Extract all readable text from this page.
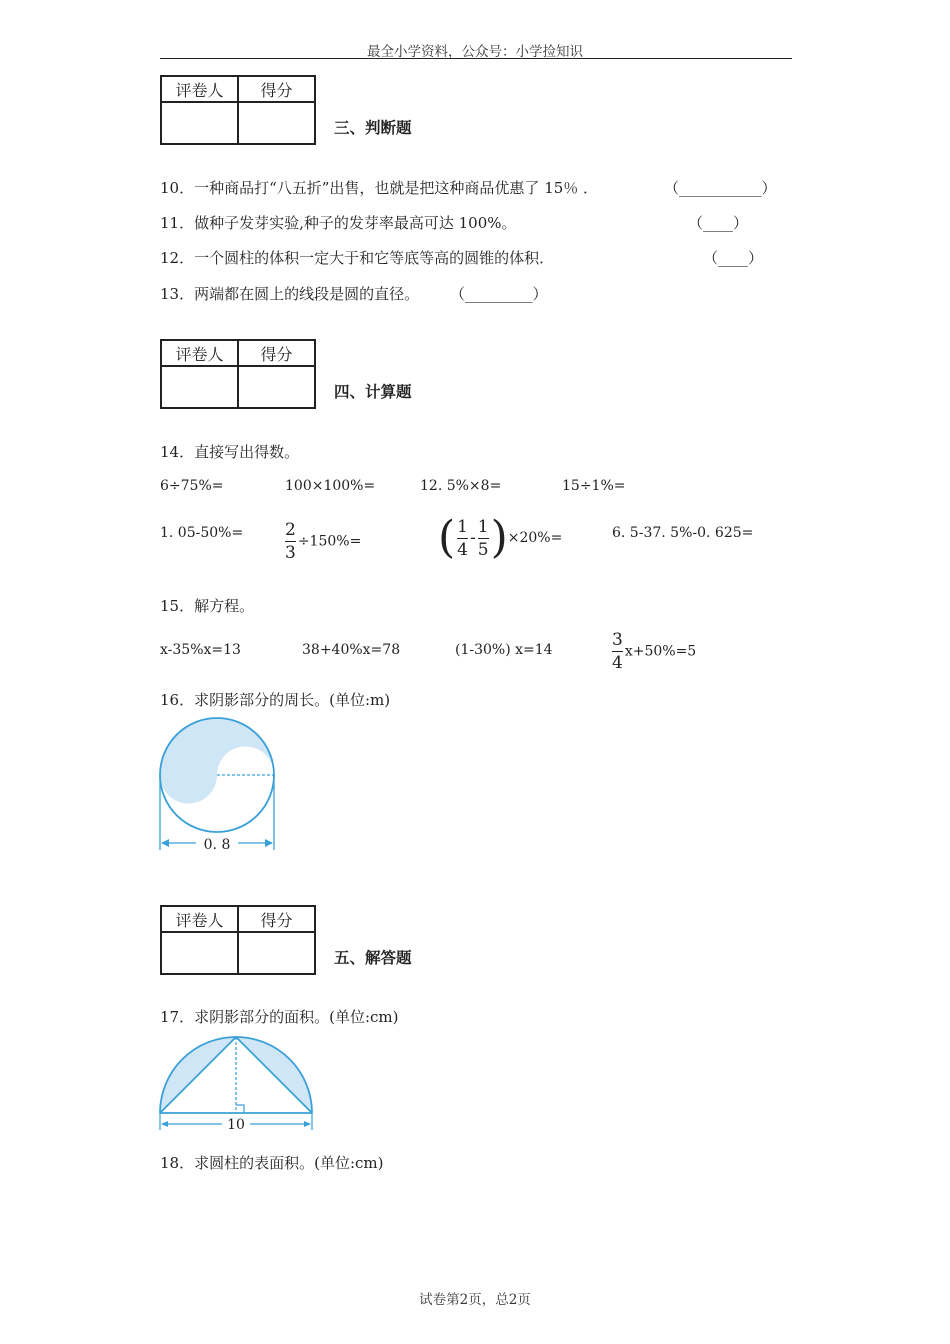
最全小学资料，公众号：小学捡知识
评卷人	得分

三、判断题
10．一种商品打“八五折”出售，也就是把这种商品优惠了 15％ ．	（___________）
11．做种子发芽实验,种子的发芽率最高可达 100%。	（____）
12．一个圆柱的体积一定大于和它等底等高的圆锥的体积．	（____）
13．两端都在圆上的线段是圆的直径。 （_________）
评卷人	得分

四、计算题
14．直接写出得数。
6÷75%=	100×100%=	12. 5%×8=	15÷1%=
1. $05-50\%= \frac{2}{3} \div 150\%=$ ( $\frac{1}{4} - \frac{1}{5} )\times 20\%=$	6. 5-37. 5%-0. 625=
15．解方程。
x-35%x=13	38+40%x=78	(1-30%) x=14	$\frac{3}{4} x+50\%=5$
16．求阴影部分的周长。(单位:m)
0. 8
评卷人	得分

五、解答题
17．求阴影部分的面积。(单位:cm)
10
18．求圆柱的表面积。(单位:cm)
试卷第2页，总2页
